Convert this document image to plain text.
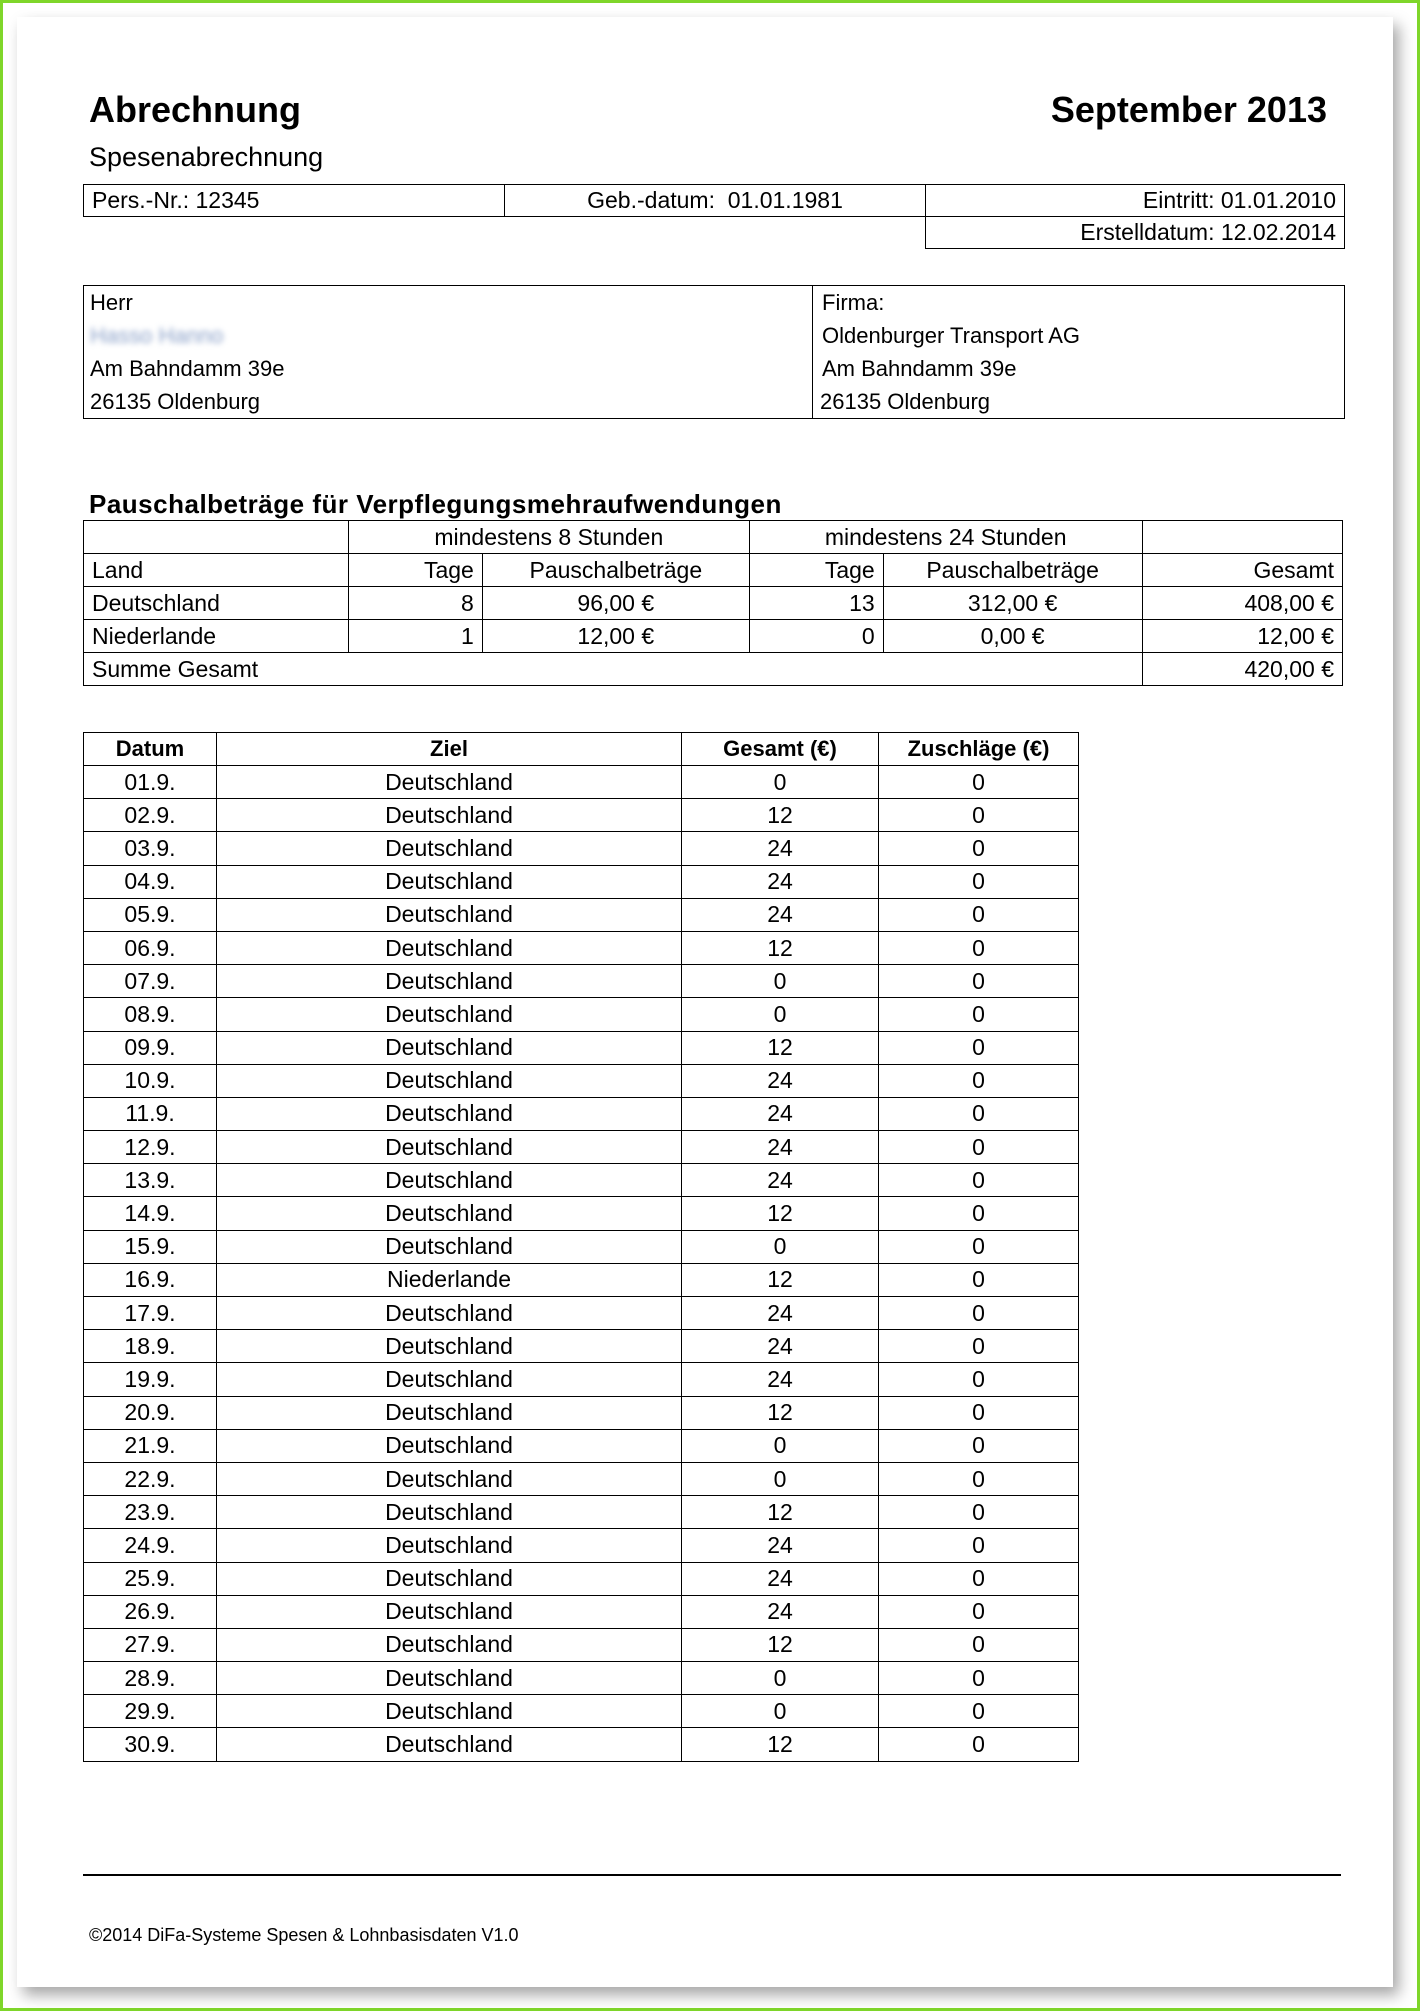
Abrechnung	September 2013
Spesenabrechnung
Pers.-Nr.: 12345	Geb.-datum: 01.01.1981	Eintritt: 01.01.2010
		Erstelldatum: 12.02.2014
Herr
Hasso Hanno
Am Bahndamm 39e
26135 Oldenburg
Firma:
Oldenburger Transport AG
Am Bahndamm 39e
26135 Oldenburg
Pauschalbeträge für Verpflegungsmehraufwendungen
	mindestens 8 Stunden		mindestens 24 Stunden		
Land	Tage	Pauschalbeträge	Tage	Pauschalbeträge	Gesamt
Deutschland	8	96,00 €	13	312,00 €	408,00 €
Niederlande	1	12,00 €	0	0,00 €	12,00 €
Summe Gesamt					420,00 €
Datum	Ziel	Gesamt (€)	Zuschläge (€)
01.9.	Deutschland	0	0
02.9.	Deutschland	12	0
03.9.	Deutschland	24	0
04.9.	Deutschland	24	0
05.9.	Deutschland	24	0
06.9.	Deutschland	12	0
07.9.	Deutschland	0	0
08.9.	Deutschland	0	0
09.9.	Deutschland	12	0
10.9.	Deutschland	24	0
11.9.	Deutschland	24	0
12.9.	Deutschland	24	0
13.9.	Deutschland	24	0
14.9.	Deutschland	12	0
15.9.	Deutschland	0	0
16.9.	Niederlande	12	0
17.9.	Deutschland	24	0
18.9.	Deutschland	24	0
19.9.	Deutschland	24	0
20.9.	Deutschland	12	0
21.9.	Deutschland	0	0
22.9.	Deutschland	0	0
23.9.	Deutschland	12	0
24.9.	Deutschland	24	0
25.9.	Deutschland	24	0
26.9.	Deutschland	24	0
27.9.	Deutschland	12	0
28.9.	Deutschland	0	0
29.9.	Deutschland	0	0
30.9.	Deutschland	12	0
©2014 DiFa-Systeme Spesen & Lohnbasisdaten V1.0
